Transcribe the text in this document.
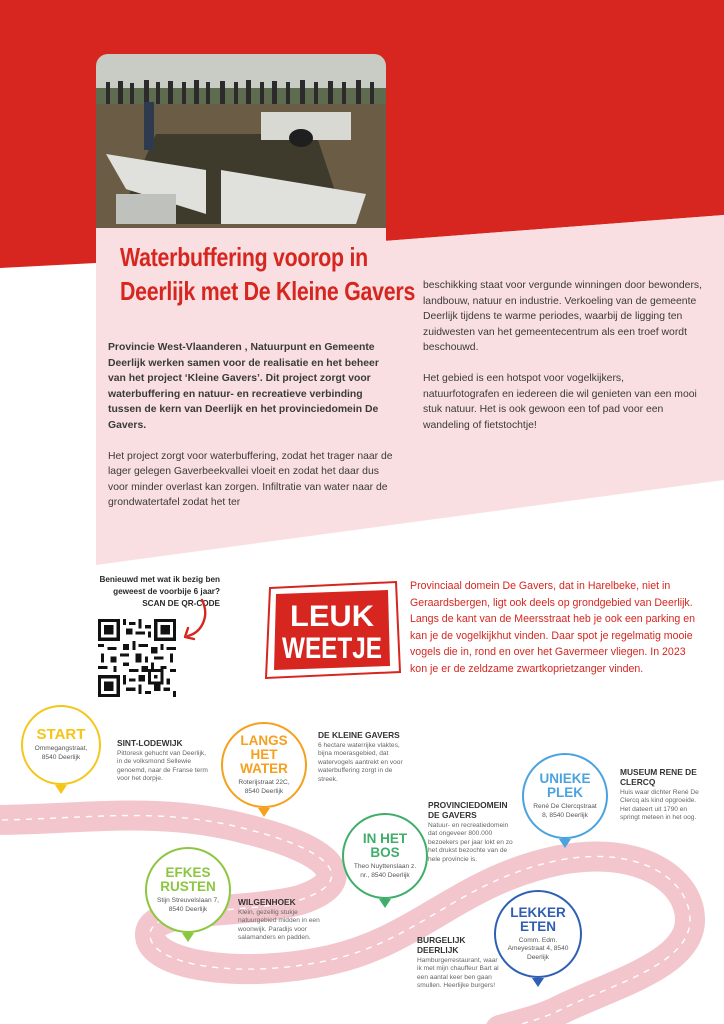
Waterbuffering voorop in
Deerlijk met De Kleine Gavers

Provincie West-Vlaanderen , Natuurpunt en Gemeente Deerlijk werken samen voor de realisatie en het beheer van het project ‘Kleine Gavers’. Dit project zorgt voor waterbuffering en natuur- en recreatieve verbinding tussen de kern van Deerlijk en het provinciedomein De Gavers.

Het project zorgt voor waterbuffering, zodat het trager naar de lager gelegen Gaverbeekvallei vloeit en zodat het daar dus voor minder overlast kan zorgen. Infiltratie van water naar de grondwatertafel zodat het ter

beschikking staat voor vergunde winningen door bewonders, landbouw, natuur en industrie. Verkoeling van de gemeente Deerlijk tijdens te warme periodes, waarbij de ligging ten zuidwesten van het gemeentecentrum als een troef wordt beschouwd.

Het gebied is een hotspot voor vogelkijkers, natuurfotografen en iedereen die wil genieten van een mooi stuk natuur. Het is ook gewoon een tof pad voor een wandeling of fietstochtje!

Benieuwd met wat ik bezig ben
geweest de voorbije 6 jaar?
SCAN DE QR-CODE LEUK
WEETJE
Provinciaal domein De Gavers, dat in Harelbeke, niet in Geraardsbergen, ligt ook deels op grondgebied van Deerlijk. Langs de kant van de Meersstraat heb je ook een parking en kan je de vogelkijkhut vinden. Daar spot je regelmatig mooie vogels die in, rond en over het Gavermeer vliegen. In 2023 kon je er de zeldzame zwartkoprietzanger vinden.
START
Ommegangstraat, 8540 Deerlijk
LANGS HET WATER
Roterijstraat 22C, 8540 Deerlijk
EFKES RUSTEN
Stijn Streuvelslaan 7, 8540 Deerlijk
IN HET BOS
Theo Nuyttenslaan z. nr., 8540 Deerlijk
UNIEKE PLEK
René De Clercqstraat 8, 8540 Deerlijk
LEKKER ETEN
Comm. Edm. Ameyestraat 4, 8540 Deerlijk
SINT-LODEWIJK
Pittoresk gehucht van Deerlijk, in de volksmond Sellewie genoemd, naar de Franse term voor het dorpje.
DE KLEINE GAVERS
6 hectare waterrijke vlaktes, bijna moerasgebied, dat watervogels aantrekt en voor waterbuffering zorgt in de streek.
WILGENHOEK
Klein, gezellig stukje natuurgebied midden in een woonwijk. Paradijs voor salamanders en padden.
PROVINCIEDOMEIN DE GAVERS
Natuur- en recreatiedomein dat ongeveer 800.000 bezoekers per jaar lokt en zo het drukst bezochte van de hele provincie is.
MUSEUM RENE DE CLERCQ
Huis waar dichter René De Clercq als kind opgroeide. Het dateert uit 1790 en springt meteen in het oog.
BURGELIJK DEERLIJK
Hamburgerrestaurant, waar ik met mijn chauffeur Bart al een aantal keer ben gaan smullen. Heerlijke burgers!
